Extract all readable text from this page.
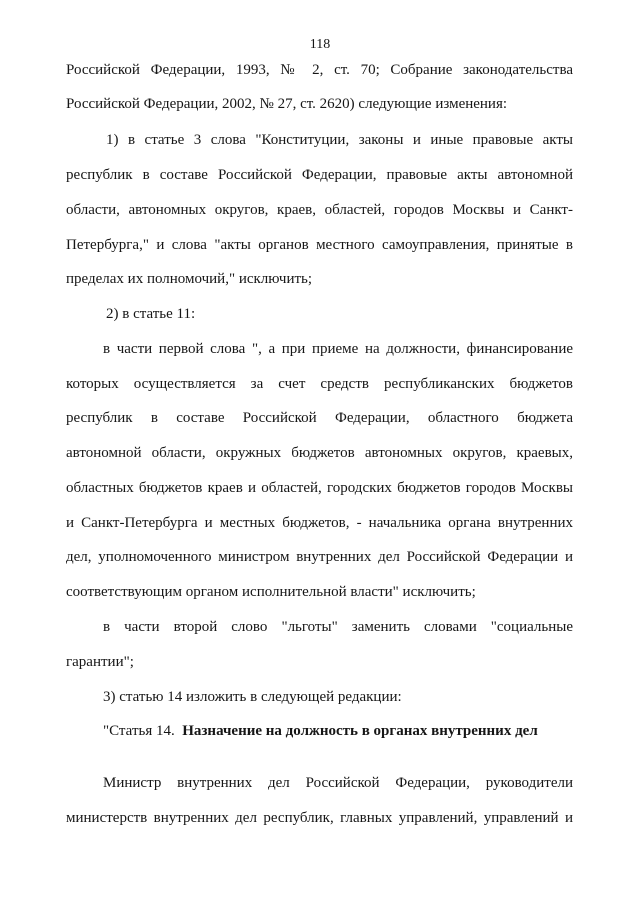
118
Российской Федерации, 1993, № 2, ст. 70; Собрание законодательства
Российской Федерации, 2002, № 27, ст. 2620) следующие изменения:
1) в статье 3 слова "Конституции, законы и иные правовые акты
республик в составе Российской Федерации, правовые акты автономной
области, автономных округов, краев, областей, городов Москвы и Санкт-
Петербурга," и слова "акты органов местного самоуправления, принятые в
пределах их полномочий," исключить;
2) в статье 11:
в части первой слова ", а при приеме на должности, финансирование
которых осуществляется за счет средств республиканских бюджетов
республик в составе Российской Федерации, областного бюджета
автономной области, окружных бюджетов автономных округов, краевых,
областных бюджетов краев и областей, городских бюджетов городов Москвы
и Санкт-Петербурга и местных бюджетов, - начальника органа внутренних
дел, уполномоченного министром внутренних дел Российской Федерации и
соответствующим органом исполнительной власти" исключить;
в части второй слово "льготы" заменить словами "социальные
гарантии";
3) статью 14 изложить в следующей редакции:
"Статья 14. Назначение на должность в органах внутренних дел
Министр внутренних дел Российской Федерации, руководители
министерств внутренних дел республик, главных управлений, управлений и
